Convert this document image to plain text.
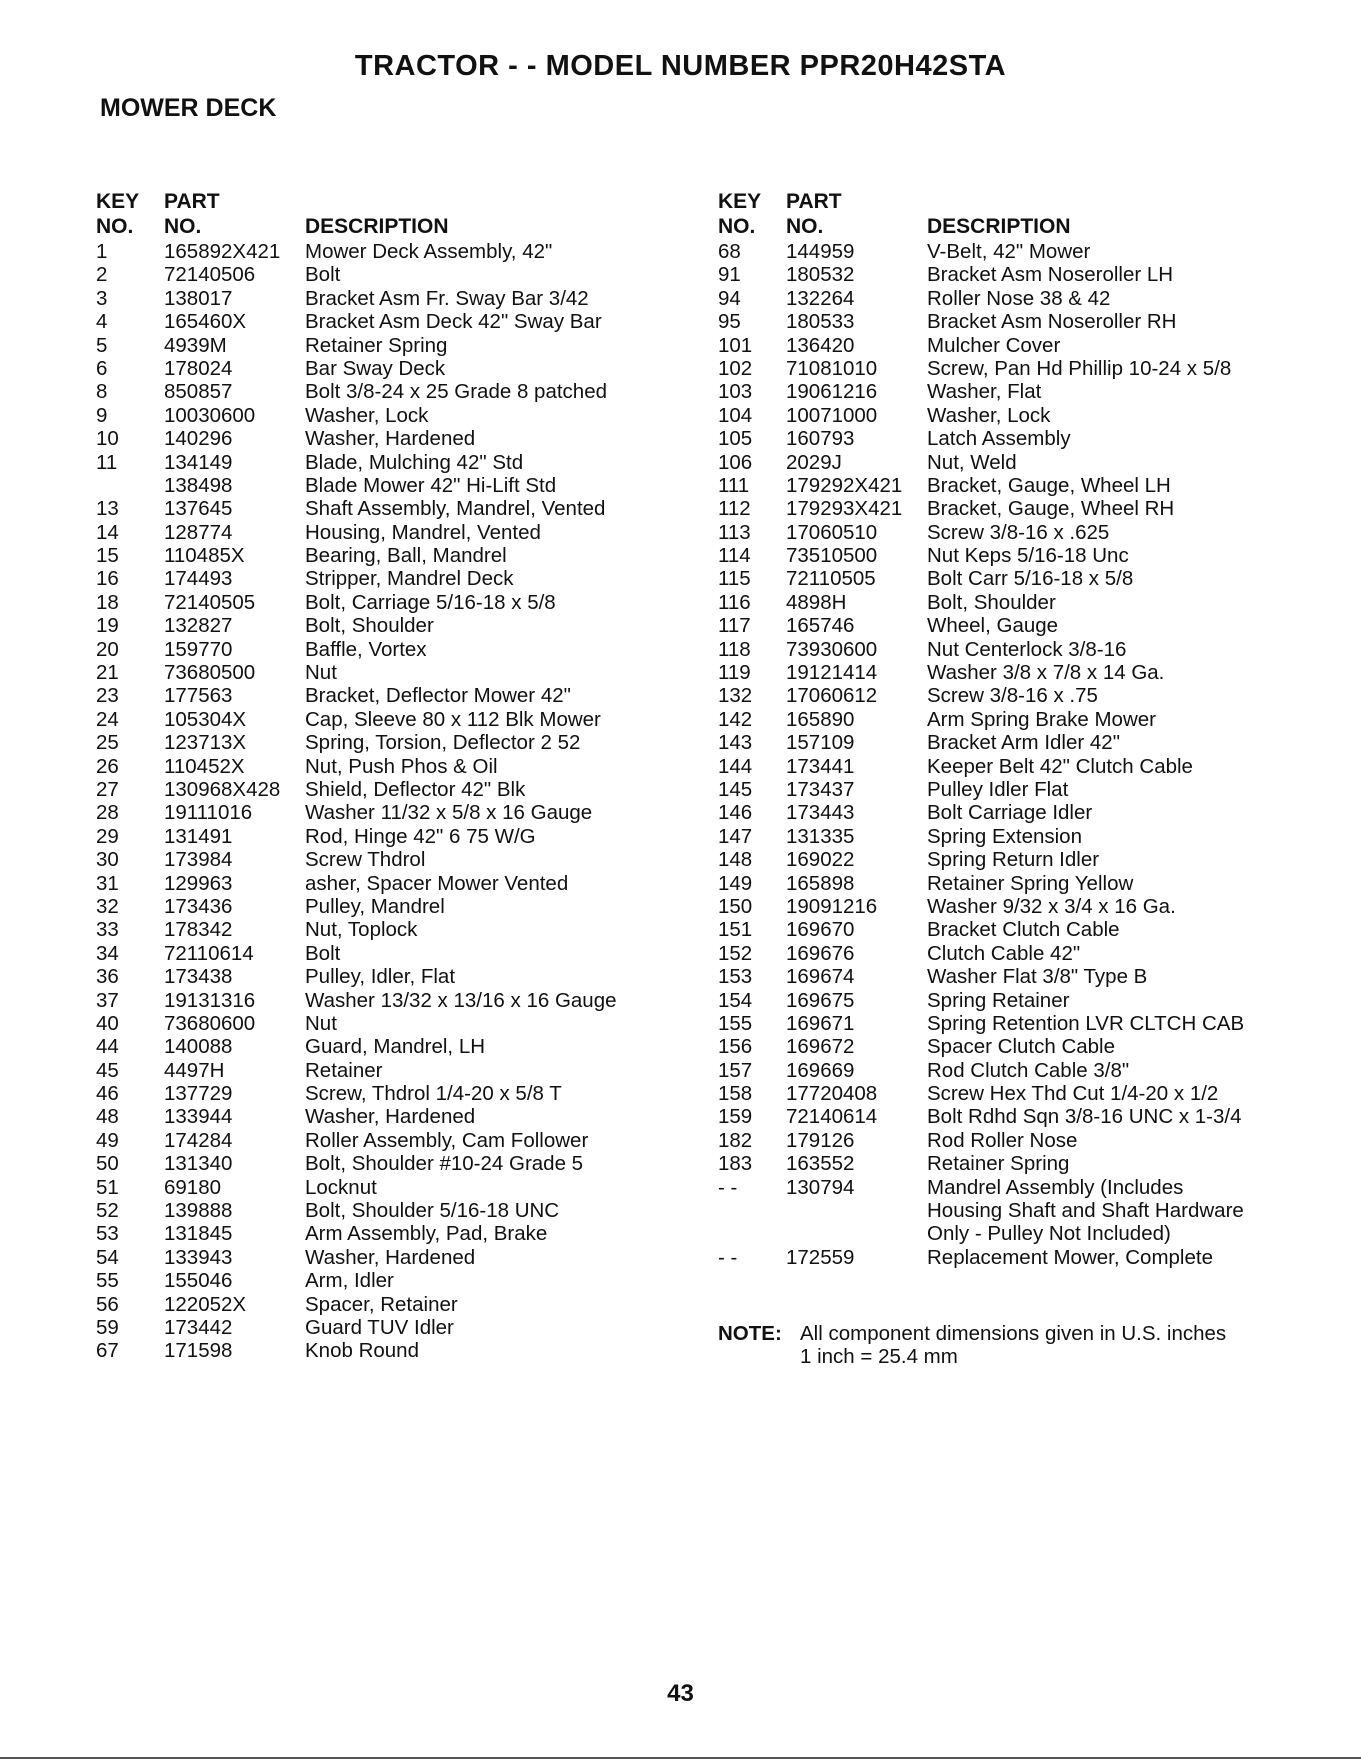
TRACTOR - - MODEL NUMBER PPR20H42STA
MOWER DECK
KEY
NO.
PART
NO.	DESCRIPTION
1	165892X421 Mower Deck Assembly, 42"
2	72140506 Bolt
3	138017	Bracket Asm Fr. Sway Bar 3/42
4	165460X	Bracket Asm Deck 42" Sway Bar
5	4939M	Retainer Spring
6	178024	Bar Sway Deck
8	850857	Bolt 3/8-24 x 25 Grade 8 patched
9	10030600 Washer, Lock
10 140296	Washer, Hardened
11 134149	Blade, Mulching 42" Std
138498	Blade Mower 42" Hi-Lift Std
13 137645	Shaft Assembly, Mandrel, Vented
14 128774	Housing, Mandrel, Vented
15 110485X	Bearing, Ball, Mandrel
16 174493	Stripper, Mandrel Deck
18 72140505 Bolt, Carriage 5/16-18 x 5/8
19 132827	Bolt, Shoulder
20 159770	Baffle, Vortex
21 73680500 Nut
23 177563	Bracket, Deflector Mower 42"
24 105304X	Cap, Sleeve 80 x 112 Blk Mower
25 123713X	Spring, Torsion, Deflector 2 52
26 110452X	Nut, Push Phos & Oil
27 130968X428 Shield, Deflector 42" Blk
28 19111016	Washer 11/32 x 5/8 x 16 Gauge
29 131491	Rod, Hinge 42" 6 75 W/G
30 173984	Screw Thdrol
31 129963	asher, Spacer Mower Vented
32 173436	Pulley, Mandrel
33 178342	Nut, Toplock
34 72110614	Bolt
36 173438	Pulley, Idler, Flat
37 19131316 Washer 13/32 x 13/16 x 16 Gauge
40 73680600 Nut
44 140088	Guard, Mandrel, LH
45 4497H	Retainer
46 137729	Screw, Thdrol 1/4-20 x 5/8 T
48 133944	Washer, Hardened
49 174284	Roller Assembly, Cam Follower
50 131340	Bolt, Shoulder #10-24 Grade 5
51 69180	Locknut
52 139888	Bolt, Shoulder 5/16-18 UNC
53 131845	Arm Assembly, Pad, Brake
54 133943	Washer, Hardened
55 155046	Arm, Idler
56 122052X	Spacer, Retainer
59 173442	Guard TUV Idler
67 171598	Knob Round
KEY
NO.
PART
NO.	DESCRIPTION
68 144959	V-Belt, 42" Mower
91 180532	Bracket Asm Noseroller LH
94 132264	Roller Nose 38 & 42
95 180533	Bracket Asm Noseroller RH
101 136420	Mulcher Cover
102 71081010 Screw, Pan Hd Phillip 10-24 x 5/8
103 19061216 Washer, Flat
104 10071000 Washer, Lock
105 160793	Latch Assembly
106 2029J	Nut, Weld
111 179292X421 Bracket, Gauge, Wheel LH
112 179293X421 Bracket, Gauge, Wheel RH
113 17060510 Screw 3/8-16 x .625
114 73510500 Nut Keps 5/16-18 Unc
115 72110505	Bolt Carr 5/16-18 x 5/8
116 4898H	Bolt, Shoulder
117 165746	Wheel, Gauge
118 73930600 Nut Centerlock 3/8-16
119 19121414 Washer 3/8 x 7/8 x 14 Ga.
132 17060612 Screw 3/8-16 x .75
142 165890	Arm Spring Brake Mower
143 157109	Bracket Arm Idler 42"
144 173441	Keeper Belt 42" Clutch Cable
145 173437	Pulley Idler Flat
146 173443	Bolt Carriage Idler
147 131335	Spring Extension
148 169022	Spring Return Idler
149 165898	Retainer Spring Yellow
150 19091216 Washer 9/32 x 3/4 x 16 Ga.
151 169670	Bracket Clutch Cable
152 169676	Clutch Cable 42"
153 169674	Washer Flat 3/8" Type B
154 169675	Spring Retainer
155 169671	Spring Retention LVR CLTCH CAB
156 169672	Spacer Clutch Cable
157 169669	Rod Clutch Cable 3/8"
158 17720408 Screw Hex Thd Cut 1/4-20 x 1/2
159 72140614 Bolt Rdhd Sqn 3/8-16 UNC x 1-3/4
182 179126	Rod Roller Nose
183 163552	Retainer Spring
- - 130794	Mandrel Assembly (Includes
Housing Shaft and Shaft Hardware
Only - Pulley Not Included)
- - 172559	Replacement Mower, Complete
NOTE: All component dimensions given in U.S. inches
1 inch = 25.4 mm
43
